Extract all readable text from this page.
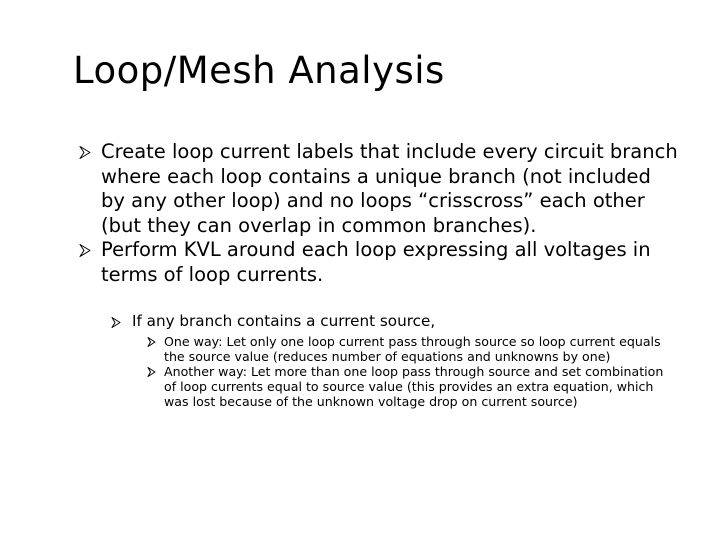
Loop/Mesh Analysis
Create loop current labels that include every circuit branch where each loop contains a unique branch (not included by any other loop) and no loops “crisscross” each other (but they can overlap in common branches).
Perform KVL around each loop expressing all voltages in terms of loop currents.
If any branch contains a current source,
One way: Let only one loop current pass through source so loop current equals the source value (reduces number of equations and unknowns by one)
Another way: Let more than one loop pass through source and set combination of loop currents equal to source value (this provides an extra equation, which was lost because of the unknown voltage drop on current source)
